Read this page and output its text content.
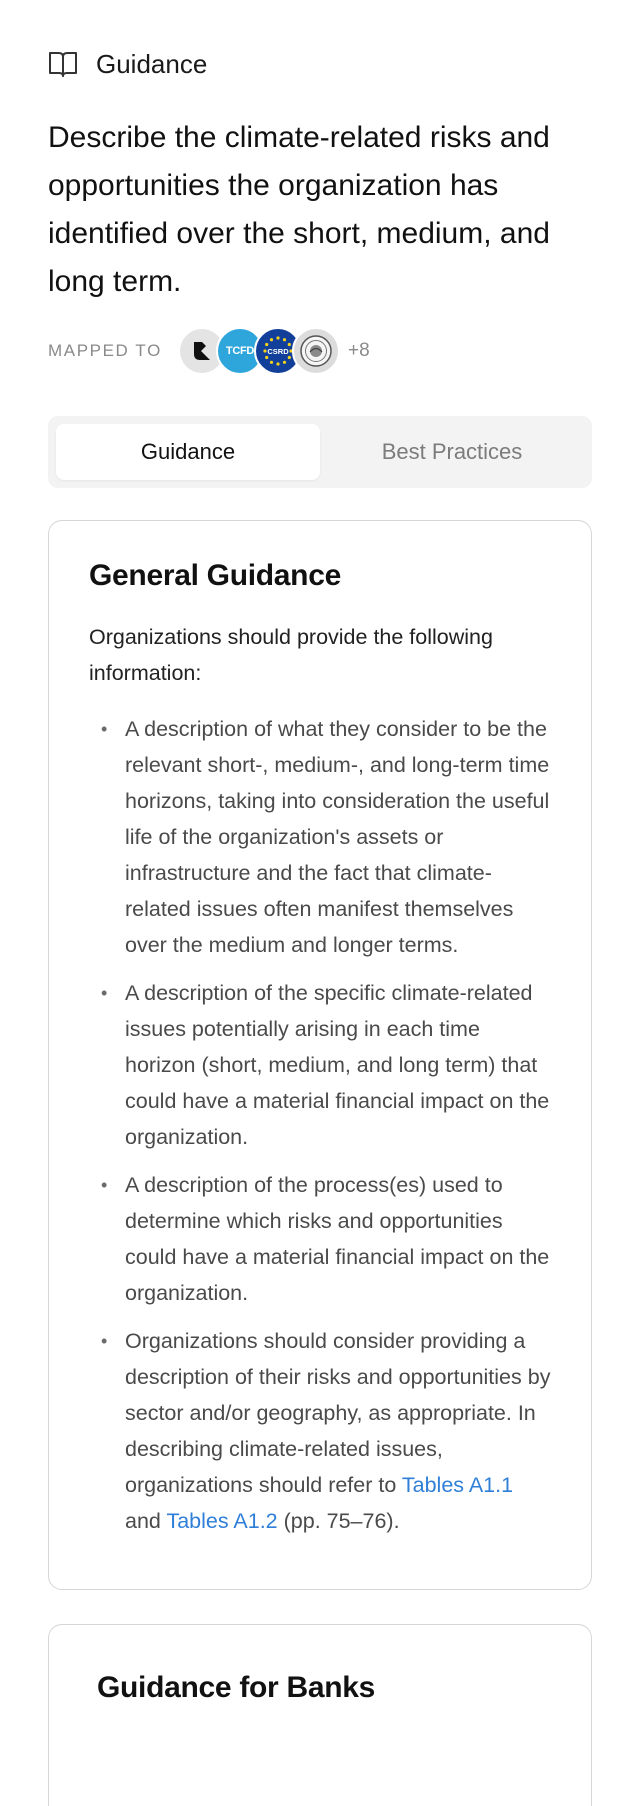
Guidance
Describe the climate-related risks and opportunities the organization has identified over the short, medium, and long term.
MAPPED TO	TCFD CSRD	+8
Guidance	Best Practices
General Guidance

Organizations should provide the following information:

• A description of what they consider to be the relevant short-, medium-, and long-term time horizons, taking into consideration the useful life of the organization's assets or infrastructure and the fact that climate-related issues often manifest themselves over the medium and longer terms.
• A description of the specific climate-related issues potentially arising in each time horizon (short, medium, and long term) that could have a material financial impact on the organization.
• A description of the process(es) used to determine which risks and opportunities could have a material financial impact on the organization.
• Organizations should consider providing a description of their risks and opportunities by sector and/or geography, as appropriate. In describing climate-related issues, organizations should refer to Tables A1.1 and Tables A1.2 (pp. 75–76).
Guidance for Banks
